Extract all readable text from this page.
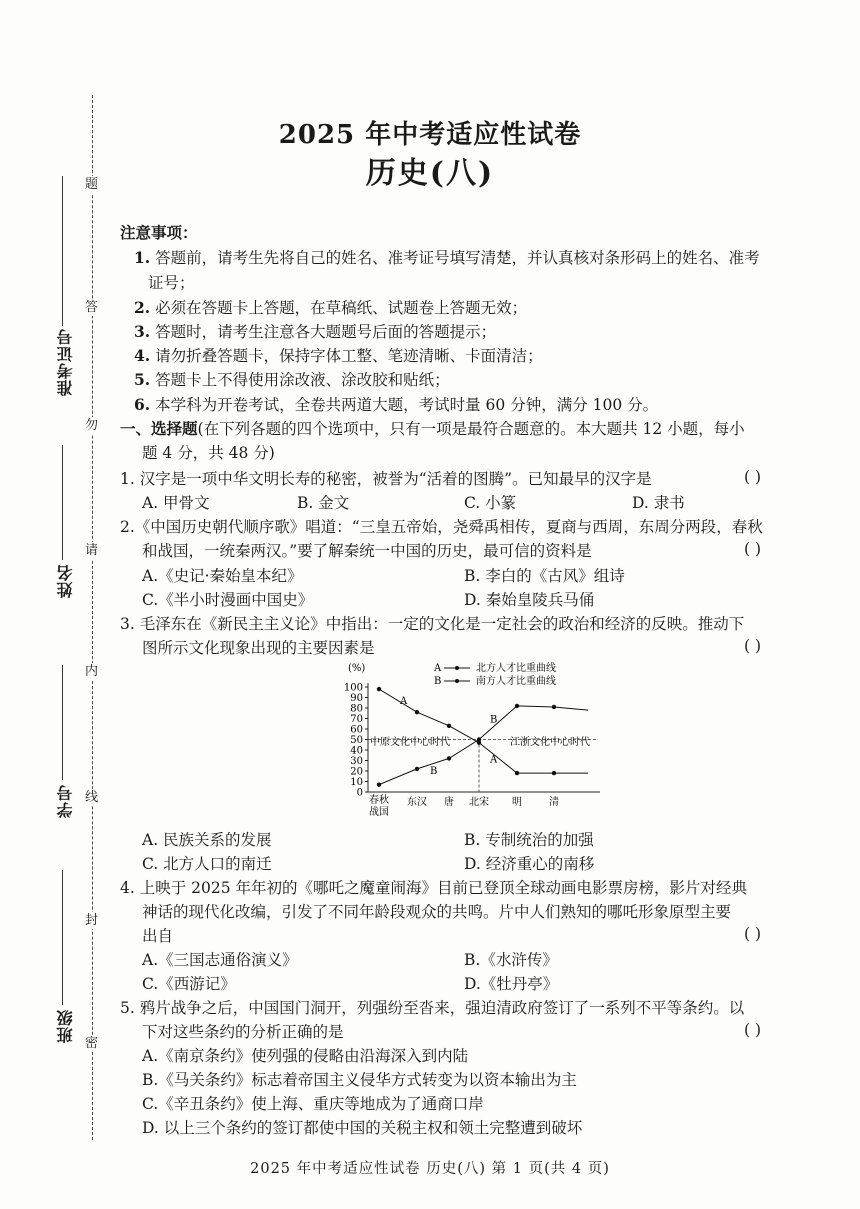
题
答
勿
请
内
线
封
密
准考证号
姓名
学号
班级
2025 年中考适应性试卷
历史(八)
注意事项：
1. 答题前，请考生先将自己的姓名、准考证号填写清楚，并认真核对条形码上的姓名、准考
证号；
2. 必须在答题卡上答题，在草稿纸、试题卷上答题无效；
3. 答题时，请考生注意各大题题号后面的答题提示；
4. 请勿折叠答题卡，保持字体工整、笔迹清晰、卡面清洁；
5. 答题卡上不得使用涂改液、涂改胶和贴纸；
6. 本学科为开卷考试，全卷共两道大题，考试时量 60 分钟，满分 100 分。
一、选择题(在下列各题的四个选项中，只有一项是最符合题意的。本大题共 12 小题，每小
题 4 分，共 48 分)
1. 汉字是一项中华文明长寿的秘密，被誉为“活着的图腾”。已知最早的汉字是	( )
A. 甲骨文	B. 金文	C. 小篆	D. 隶书
2.《中国历史朝代顺序歌》唱道：“三皇五帝始，尧舜禹相传，夏商与西周，东周分两段，春秋
和战国，一统秦两汉。”要了解秦统一中国的历史，最可信的资料是	( )
A.《史记·秦始皇本纪》	B. 李白的《古风》组诗
C.《半小时漫画中国史》	D. 秦始皇陵兵马俑
3. 毛泽东在《新民主主义论》中指出：一定的文化是一定社会的政治和经济的反映。推动下
图所示文化现象出现的主要因素是	( )
(%)
0
10
20
30
40
50
60
70
80
90
100
春秋
战国
东汉 唐 北宋 明	清
中原文化中心时代	江浙文化中心时代
A
B
B
A
A	北方人才比重曲线
B	南方人才比重曲线
A. 民族关系的发展	B. 专制统治的加强
C. 北方人口的南迁	D. 经济重心的南移
4. 上映于 2025 年年初的《哪吒之魔童闹海》目前已登顶全球动画电影票房榜，影片对经典
神话的现代化改编，引发了不同年龄段观众的共鸣。片中人们熟知的哪吒形象原型主要
出自	( )
A.《三国志通俗演义》	B.《水浒传》
C.《西游记》	D.《牡丹亭》
5. 鸦片战争之后，中国国门洞开，列强纷至沓来，强迫清政府签订了一系列不平等条约。以
下对这些条约的分析正确的是	( )
A.《南京条约》使列强的侵略由沿海深入到内陆
B.《马关条约》标志着帝国主义侵华方式转变为以资本输出为主
C.《辛丑条约》使上海、重庆等地成为了通商口岸
D. 以上三个条约的签订都使中国的关税主权和领土完整遭到破坏
2025 年中考适应性试卷 历史(八) 第 1 页(共 4 页)
